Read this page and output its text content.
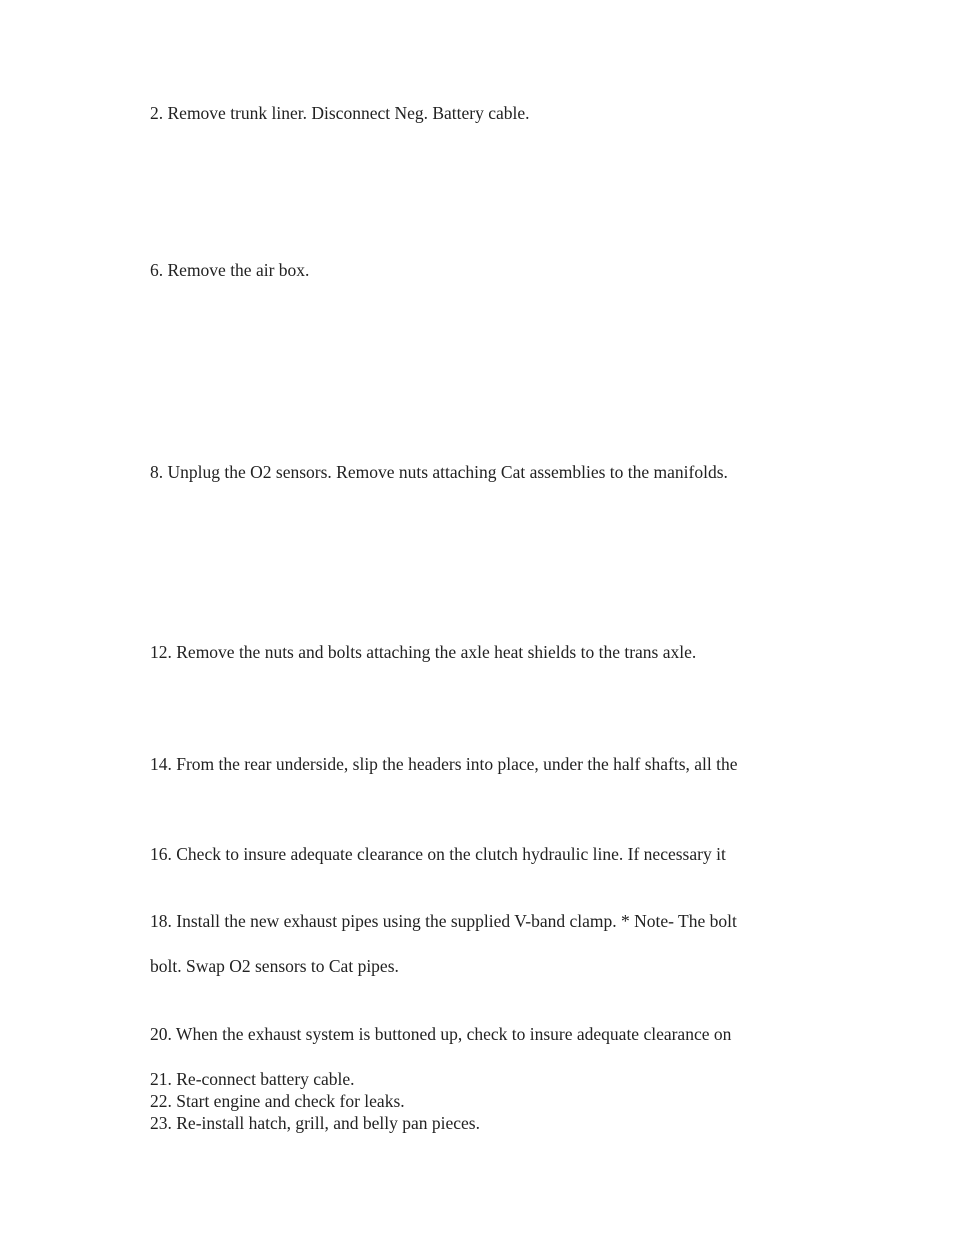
2. Remove trunk liner. Disconnect Neg. Battery cable.
6. Remove the air box.
8. Unplug the O2 sensors. Remove nuts attaching Cat assemblies to the manifolds.
12. Remove the nuts and bolts attaching the axle heat shields to the trans axle.
14. From the rear underside, slip the headers into place, under the half shafts, all the
16. Check to insure adequate clearance on the clutch hydraulic line. If necessary it
18. Install the new exhaust pipes using the supplied V-band clamp. * Note- The bolt
bolt. Swap O2 sensors to Cat pipes.
20. When the exhaust system is buttoned up, check to insure adequate clearance on
21. Re-connect battery cable.
22. Start engine and check for leaks.
23. Re-install hatch, grill, and belly pan pieces.
